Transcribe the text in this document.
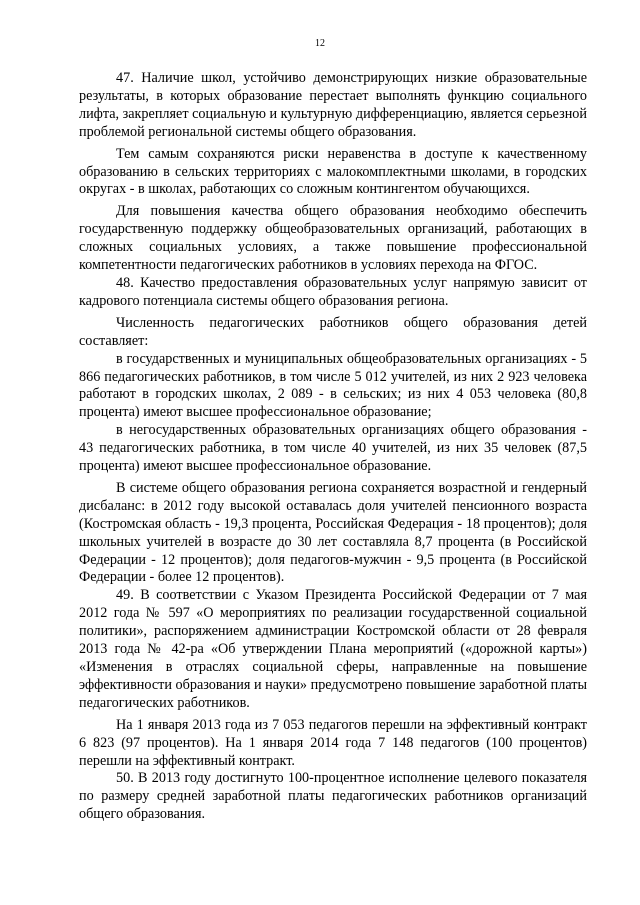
12

47. Наличие школ, устойчиво демонстрирующих низкие образовательные результаты, в которых образование перестает выполнять функцию социального лифта, закрепляет социальную и культурную дифференциацию, является серьезной проблемой региональной системы общего образования.

Тем самым сохраняются риски неравенства в доступе к качественному образованию в сельских территориях с малокомплектными школами, в городских округах - в школах, работающих со сложным контингентом обучающихся.

Для повышения качества общего образования необходимо обеспечить государственную поддержку общеобразовательных организаций, работающих в сложных социальных условиях, а также повышение профессиональной компетентности педагогических работников в условиях перехода на ФГОС.

48. Качество предоставления образовательных услуг напрямую зависит от кадрового потенциала системы общего образования региона.

Численность педагогических работников общего образования детей составляет:

в государственных и муниципальных общеобразовательных организациях - 5 866 педагогических работников, в том числе 5 012 учителей, из них 2 923 человека работают в городских школах, 2 089 - в сельских; из них 4 053 человека (80,8 процента) имеют высшее профессиональное образование;

в негосударственных образовательных организациях общего образования - 43 педагогических работника, в том числе 40 учителей, из них 35 человек (87,5 процента) имеют высшее профессиональное образование.

В системе общего образования региона сохраняется возрастной и гендерный дисбаланс: в 2012 году высокой оставалась доля учителей пенсионного возраста (Костромская область - 19,3 процента, Российская Федерация - 18 процентов); доля школьных учителей в возрасте до 30 лет составляла 8,7 процента (в Российской Федерации - 12 процентов); доля педагогов-мужчин - 9,5 процента (в Российской Федерации - более 12 процентов).

49. В соответствии с Указом Президента Российской Федерации от 7 мая 2012 года № 597 «О мероприятиях по реализации государственной социальной политики», распоряжением администрации Костромской области от 28 февраля 2013 года № 42-ра «Об утверждении Плана мероприятий («дорожной карты») «Изменения в отраслях социальной сферы, направленные на повышение эффективности образования и науки» предусмотрено повышение заработной платы педагогических работников.

На 1 января 2013 года из 7 053 педагогов перешли на эффективный контракт 6 823 (97 процентов). На 1 января 2014 года 7 148 педагогов (100 процентов) перешли на эффективный контракт.

50. В 2013 году достигнуто 100-процентное исполнение целевого показателя по размеру средней заработной платы педагогических работников организаций общего образования.
